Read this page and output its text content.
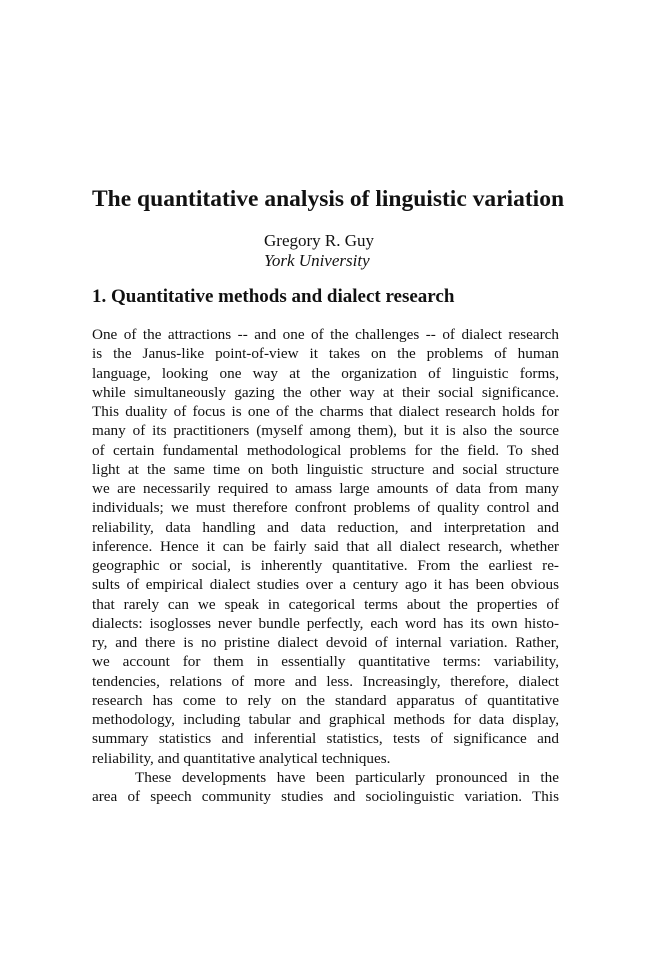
The quantitative analysis of linguistic variation
Gregory R. Guy
York University
1. Quantitative methods and dialect research
One of the attractions -- and one of the challenges -- of dialect research
is the Janus-like point-of-view it takes on the problems of human
language, looking one way at the organization of linguistic forms,
while simultaneously gazing the other way at their social significance.
This duality of focus is one of the charms that dialect research holds for
many of its practitioners (myself among them), but it is also the source
of certain fundamental methodological problems for the field. To shed
light at the same time on both linguistic structure and social structure
we are necessarily required to amass large amounts of data from many
individuals; we must therefore confront problems of quality control and
reliability, data handling and data reduction, and interpretation and
inference. Hence it can be fairly said that all dialect research, whether
geographic or social, is inherently quantitative. From the earliest re-
sults of empirical dialect studies over a century ago it has been obvious
that rarely can we speak in categorical terms about the properties of
dialects: isoglosses never bundle perfectly, each word has its own histo-
ry, and there is no pristine dialect devoid of internal variation. Rather,
we account for them in essentially quantitative terms: variability,
tendencies, relations of more and less. Increasingly, therefore, dialect
research has come to rely on the standard apparatus of quantitative
methodology, including tabular and graphical methods for data display,
summary statistics and inferential statistics, tests of significance and
reliability, and quantitative analytical techniques.
These developments have been particularly pronounced in the
area of speech community studies and sociolinguistic variation. This
